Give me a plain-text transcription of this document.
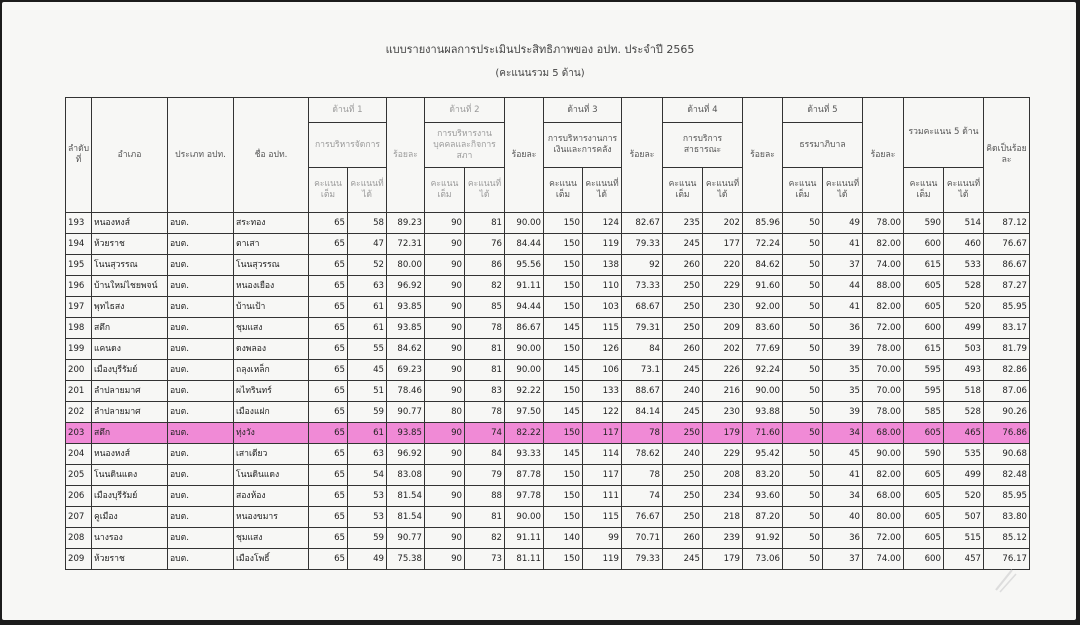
แบบรายงานผลการประเมินประสิทธิภาพของ อปท. ประจำปี 2565
(คะแนนรวม 5 ด้าน)
ลำดับที่	อำเภอ	ประเภท อปท.	ชื่อ อปท.	ด้านที่ 1		ร้อยละ	ด้านที่ 2		ร้อยละ	ด้านที่ 3		ร้อยละ	ด้านที่ 4		ร้อยละ	ด้านที่ 5		ร้อยละ	รวมคะแนน 5 ด้าน		คิดเป็นร้อยละ
				การบริหารจัดการ			การบริหารงานบุคคลและกิจการสภา			การบริหารงานการเงินและการคลัง			การบริการสาธารณะ			ธรรมาภิบาล					
				คะแนนเต็ม	คะแนนที่ได้		คะแนนเต็ม	คะแนนที่ได้		คะแนนเต็ม	คะแนนที่ได้		คะแนนเต็ม	คะแนนที่ได้		คะแนนเต็ม	คะแนนที่ได้		คะแนนเต็ม	คะแนนที่ได้	
193	หนองหงส์	อบต.	สระทอง	65	58	89.23	90	81	90.00	150	124	82.67	235	202	85.96	50	49	78.00	590	514	87.12
194	ห้วยราช	อบต.	ตาเสา	65	47	72.31	90	76	84.44	150	119	79.33	245	177	72.24	50	41	82.00	600	460	76.67
195	โนนสุวรรณ	อบต.	โนนสุวรรณ	65	52	80.00	90	86	95.56	150	138	92	260	220	84.62	50	37	74.00	615	533	86.67
196	บ้านใหม่ไชยพจน์	อบต.	หนองเยือง	65	63	96.92	90	82	91.11	150	110	73.33	250	229	91.60	50	44	88.00	605	528	87.27
197	พุทไธสง	อบต.	บ้านเป้า	65	61	93.85	90	85	94.44	150	103	68.67	250	230	92.00	50	41	82.00	605	520	85.95
198	สตึก	อบต.	ชุมแสง	65	61	93.85	90	78	86.67	145	115	79.31	250	209	83.60	50	36	72.00	600	499	83.17
199	แคนดง	อบต.	ดงพลอง	65	55	84.62	90	81	90.00	150	126	84	260	202	77.69	50	39	78.00	615	503	81.79
200	เมืองบุรีรัมย์	อบต.	ถลุงเหล็ก	65	45	69.23	90	81	90.00	145	106	73.1	245	226	92.24	50	35	70.00	595	493	82.86
201	ลำปลายมาศ	อบต.	ผไทรินทร์	65	51	78.46	90	83	92.22	150	133	88.67	240	216	90.00	50	35	70.00	595	518	87.06
202	ลำปลายมาศ	อบต.	เมืองแฝก	65	59	90.77	80	78	97.50	145	122	84.14	245	230	93.88	50	39	78.00	585	528	90.26
203	สตึก	อบต.	ทุ่งวัง	65	61	93.85	90	74	82.22	150	117	78	250	179	71.60	50	34	68.00	605	465	76.86
204	หนองหงส์	อบต.	เสาเดียว	65	63	96.92	90	84	93.33	145	114	78.62	240	229	95.42	50	45	90.00	590	535	90.68
205	โนนดินแดง	อบต.	โนนดินแดง	65	54	83.08	90	79	87.78	150	117	78	250	208	83.20	50	41	82.00	605	499	82.48
206	เมืองบุรีรัมย์	อบต.	สองห้อง	65	53	81.54	90	88	97.78	150	111	74	250	234	93.60	50	34	68.00	605	520	85.95
207	คูเมือง	อบต.	หนองขมาร	65	53	81.54	90	81	90.00	150	115	76.67	250	218	87.20	50	40	80.00	605	507	83.80
208	นางรอง	อบต.	ชุมแสง	65	59	90.77	90	82	91.11	140	99	70.71	260	239	91.92	50	36	72.00	605	515	85.12
209	ห้วยราช	อบต.	เมืองโพธิ์	65	49	75.38	90	73	81.11	150	119	79.33	245	179	73.06	50	37	74.00	600	457	76.17
